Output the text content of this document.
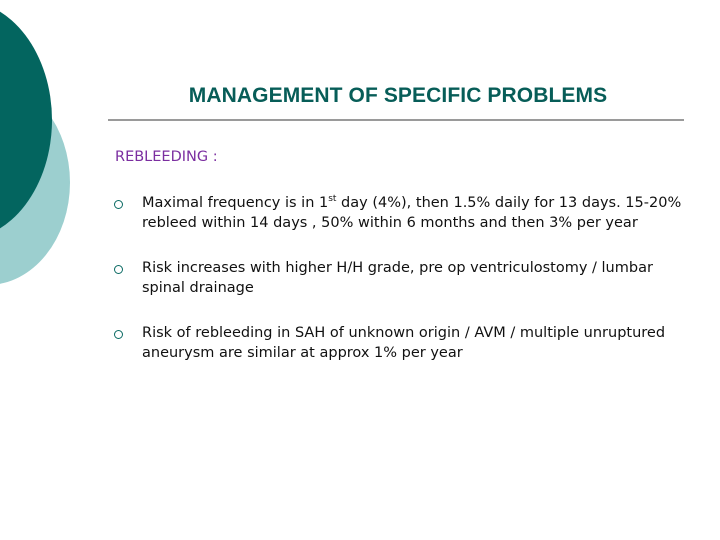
MANAGEMENT OF SPECIFIC PROBLEMS

REBLEEDING :

Maximal frequency is in 1st day (4%), then 1.5% daily for 13 days. 15-20% rebleed within 14 days , 50% within 6 months and then 3% per year
Risk increases with higher H/H grade, pre op ventriculostomy / lumbar spinal drainage
Risk of rebleeding in SAH of unknown origin / AVM / multiple unruptured aneurysm are similar at approx 1% per year
